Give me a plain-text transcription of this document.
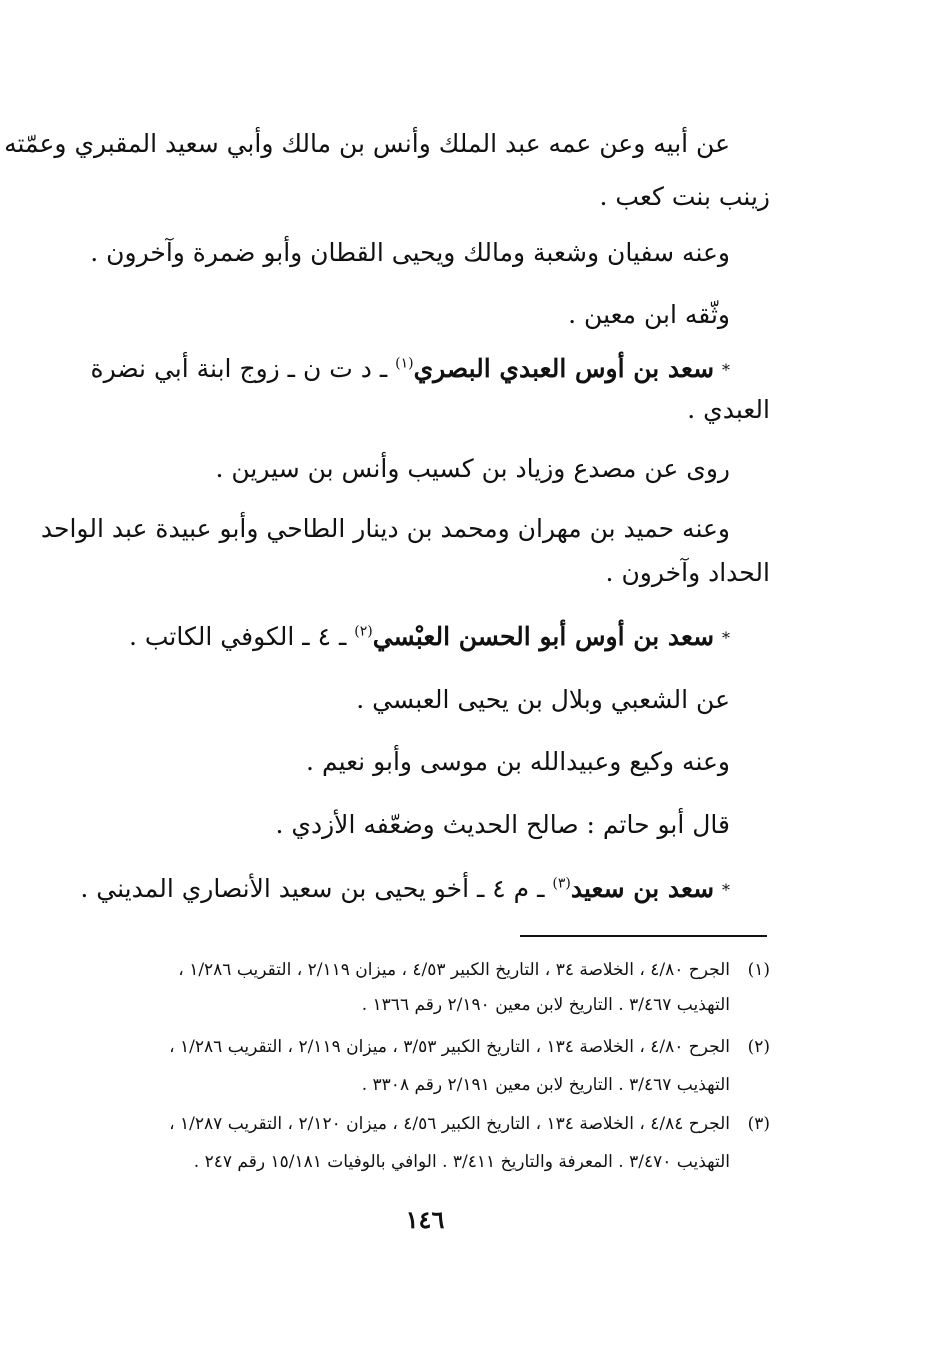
عن أبيه وعن عمه عبد الملك وأنس بن مالك وأبي سعيد المقبري وعمّته

زينب بنت كعب .

وعنه سفيان وشعبة ومالك ويحيى القطان وأبو ضمرة وآخرون .

وثّقه ابن معين .

* سعد بن أوس العبدي البصري$^{(١)}$ ـ د ت ن ـ زوج ابنة أبي نضرة

العبدي .

روى عن مصدع وزياد بن كسيب وأنس بن سيرين .

وعنه حميد بن مهران ومحمد بن دينار الطاحي وأبو عبيدة عبد الواحد

الحداد وآخرون .

* سعد بن أوس أبو الحسن العبْسي$^{(٢)}$ ـ ٤ ـ الكوفي الكاتب .

عن الشعبي وبلال بن يحيى العبسي .

وعنه وكيع وعبيدالله بن موسى وأبو نعيم .

قال أبو حاتم : صالح الحديث وضعّفه الأزدي .

* سعد بن سعيد$^{(٣)}$ ـ م ٤ ـ أخو يحيى بن سعيد الأنصاري المديني .

(١)الجرح ٤/٨٠ ، الخلاصة ٣٤ ، التاريخ الكبير ٤/٥٣ ، ميزان ٢/١١٩ ، التقريب ١/٢٨٦ ،

التهذيب ٣/٤٦٧ . التاريخ لابن معين ٢/١٩٠ رقم ١٣٦٦ .

(٢)الجرح ٤/٨٠ ، الخلاصة ١٣٤ ، التاريخ الكبير ٣/٥٣ ، ميزان ٢/١١٩ ، التقريب ١/٢٨٦ ،

التهذيب ٣/٤٦٧ . التاريخ لابن معين ٢/١٩١ رقم ٣٣٠٨ .

(٣)الجرح ٤/٨٤ ، الخلاصة ١٣٤ ، التاريخ الكبير ٤/٥٦ ، ميزان ٢/١٢٠ ، التقريب ١/٢٨٧ ،

التهذيب ٣/٤٧٠ . المعرفة والتاريخ ٣/٤١١ . الوافي بالوفيات ١٥/١٨١ رقم ٢٤٧ .

١٤٦
